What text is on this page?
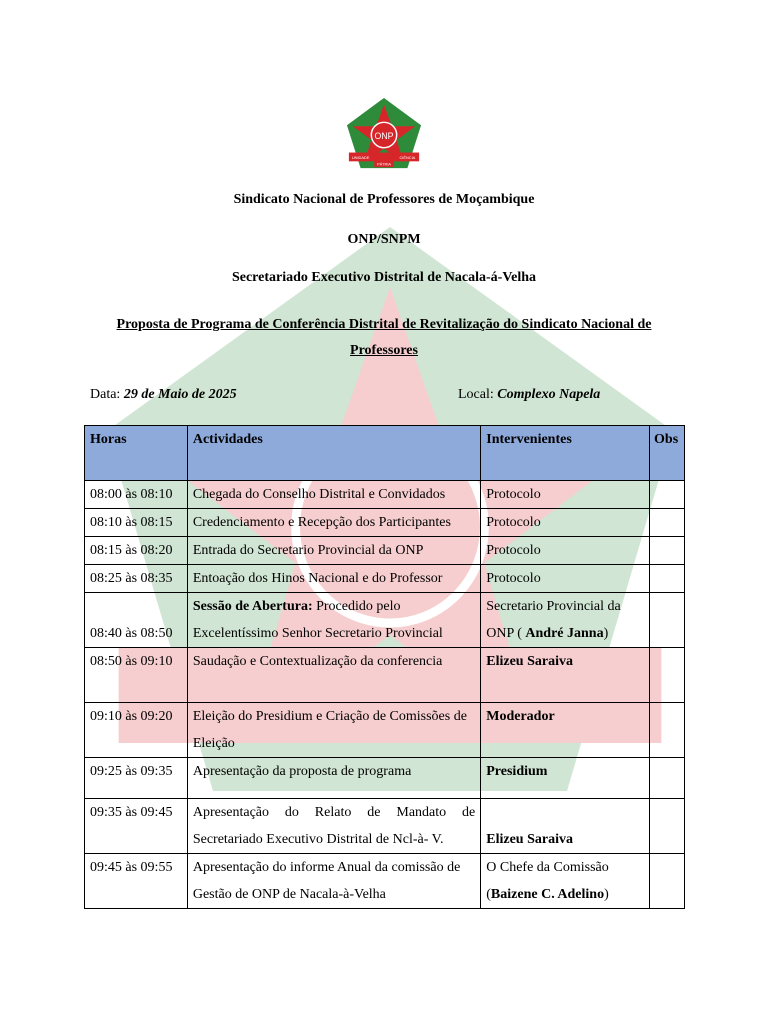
ONP
UNIDADE
PÁTRIA
CIÊNCIA
Sindicato Nacional de Professores de Moçambique
ONP/SNPM
Secretariado Executivo Distrital de Nacala-á-Velha
Proposta de Programa de Conferência Distrital de Revitalização do Sindicato Nacional de
Professores
Data: 29 de Maio de 2025	Local: Complexo Napela
Horas	Actividades	Intervenientes	Obs
08:00 às 08:10	Chegada do Conselho Distrital e Convidados	Protocolo	
08:10 às 08:15	Credenciamento e Recepção dos Participantes	Protocolo	
08:15 às 08:20	Entrada do Secretario Provincial da ONP	Protocolo	
08:25 às 08:35	Entoação dos Hinos Nacional e do Professor	Protocolo	
08:40 às 08:50	Sessão de Abertura: Procedido pelo Excelentíssimo Senhor Secretario Provincial	Secretario Provincial da ONP ( André Janna)	
08:50 às 09:10	Saudação e Contextualização da conferencia	Elizeu Saraiva	
09:10 às 09:20	Eleição do Presidium e Criação de Comissões de Eleição	Moderador	
09:25 às 09:35	Apresentação da proposta de programa	Presidium	
09:35 às 09:45	Apresentação do Relato de Mandato de Secretariado Executivo Distrital de Ncl-à- V.	Elizeu Saraiva	
09:45 às 09:55	Apresentação do informe Anual da comissão de Gestão de ONP de Nacala-à-Velha	O Chefe da Comissão (Baizene C. Adelino)	
